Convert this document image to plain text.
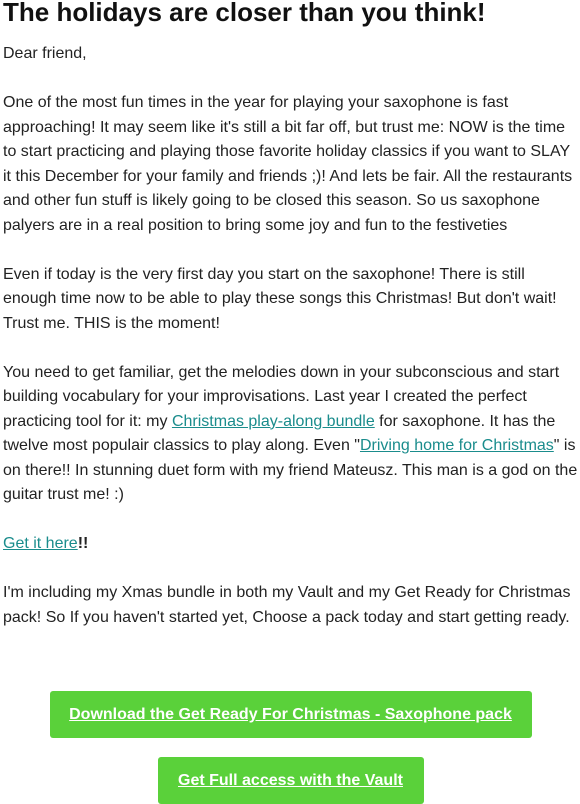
The holidays are closer than you think!

Dear friend,

One of the most fun times in the year for playing your saxophone is fast approaching! It may seem like it's still a bit far off, but trust me: NOW is the time to start practicing and playing those favorite holiday classics if you want to SLAY it this December for your family and friends ;)! And lets be fair. All the restaurants and other fun stuff is likely going to be closed this season. So us saxophone palyers are in a real position to bring some joy and fun to the festiveties

Even if today is the very first day you start on the saxophone! There is still enough time now to be able to play these songs this Christmas! But don't wait! Trust me. THIS is the moment!

You need to get familiar, get the melodies down in your subconscious and start building vocabulary for your improvisations. Last year I created the perfect practicing tool for it: my Christmas play-along bundle for saxophone. It has the twelve most populair classics to play along. Even "Driving home for Christmas" is on there!! In stunning duet form with my friend Mateusz. This man is a god on the guitar trust me! :)

Get it here!!

I'm including my Xmas bundle in both my Vault and my Get Ready for Christmas pack! So If you haven't started yet, Choose a pack today and start getting ready.

Download the Get Ready For Christmas - Saxophone pack
Get Full access with the Vault
